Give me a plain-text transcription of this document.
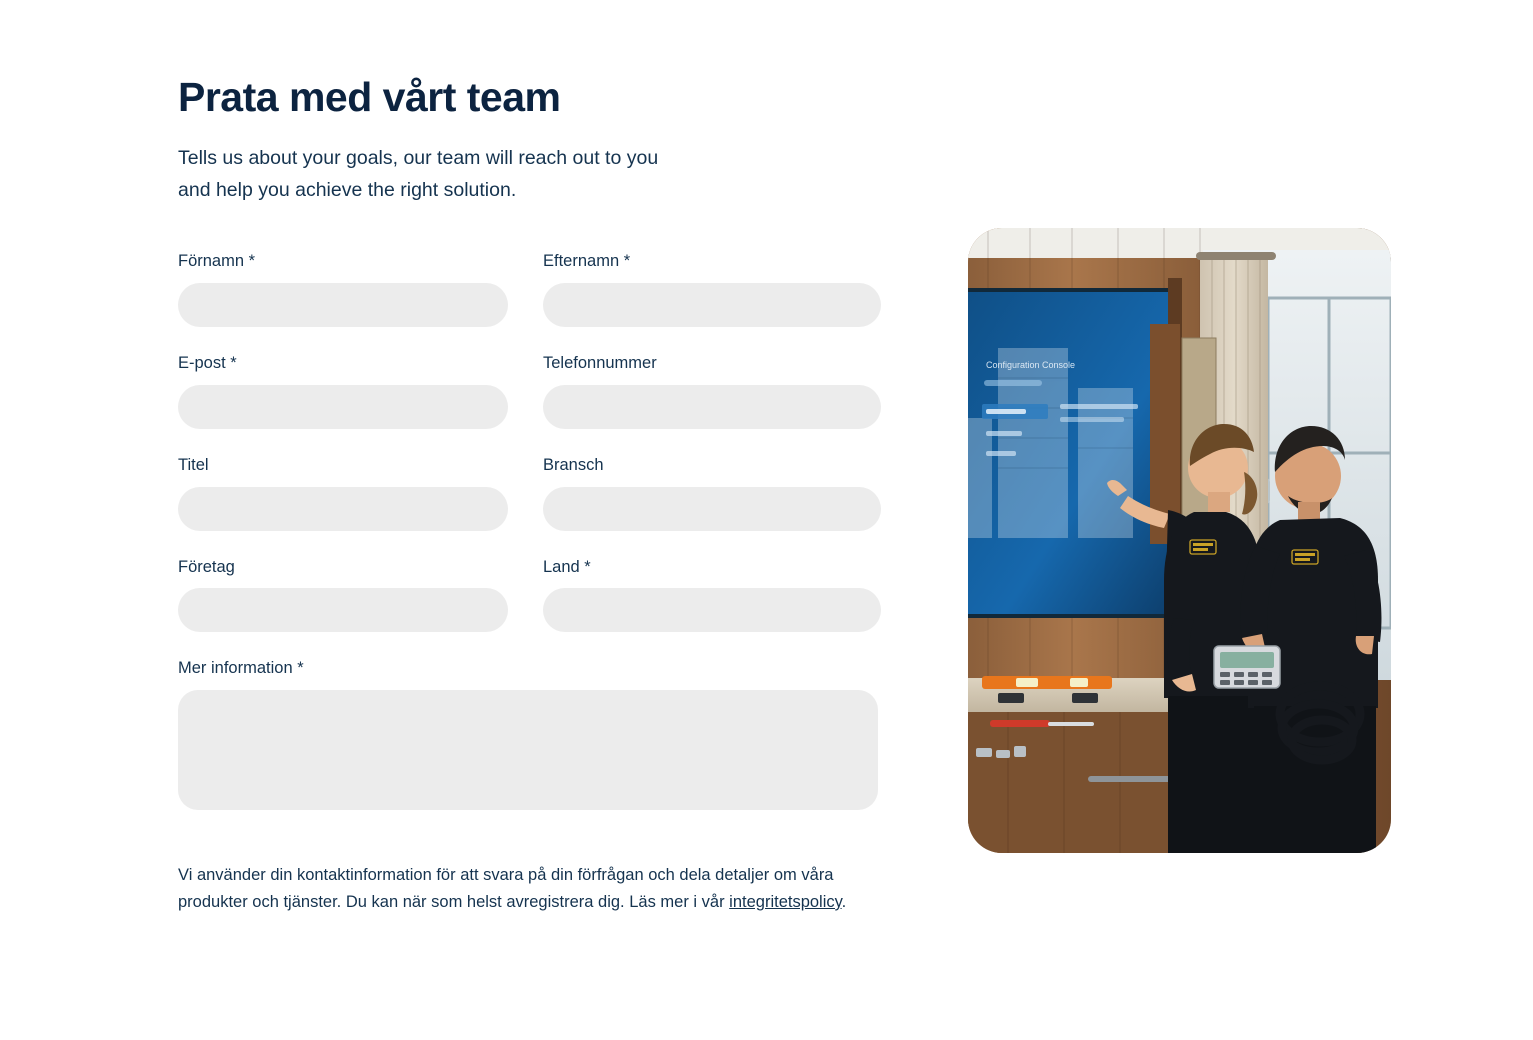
Prata med vårt team

Tells us about your goals, our team will reach out to you
and help you achieve the right solution.

Förnamn *	Efternamn *
E-post *	Telefonnummer
Titel	Bransch
Företag	Land *
Mer information *

Vi använder din kontaktinformation för att svara på din förfrågan och dela detaljer om våra produkter och tjänster. Du kan när som helst avregistrera dig. Läs mer i vår integritetspolicy.

Configuration Console
